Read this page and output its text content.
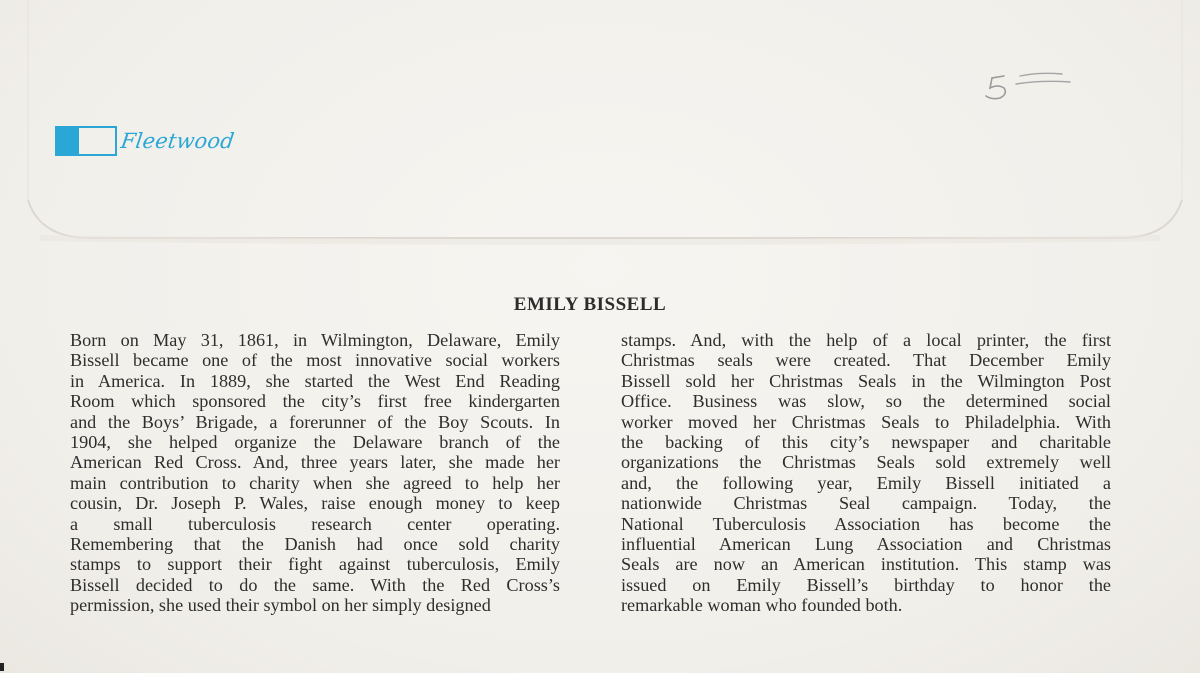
Fleetwood
EMILY BISSELL
Born on May 31, 1861, in Wilmington, Delaware, Emily
Bissell became one of the most innovative social workers
in America. In 1889, she started the West End Reading
Room which sponsored the city’s first free kindergarten
and the Boys’ Brigade, a forerunner of the Boy Scouts. In
1904, she helped organize the Delaware branch of the
American Red Cross. And, three years later, she made her
main contribution to charity when she agreed to help her
cousin, Dr. Joseph P. Wales, raise enough money to keep
a small tuberculosis research center operating.
Remembering that the Danish had once sold charity
stamps to support their fight against tuberculosis, Emily
Bissell decided to do the same. With the Red Cross’s
permission, she used their symbol on her simply designed
stamps. And, with the help of a local printer, the first
Christmas seals were created. That December Emily
Bissell sold her Christmas Seals in the Wilmington Post
Office. Business was slow, so the determined social
worker moved her Christmas Seals to Philadelphia. With
the backing of this city’s newspaper and charitable
organizations the Christmas Seals sold extremely well
and, the following year, Emily Bissell initiated a
nationwide Christmas Seal campaign. Today, the
National Tuberculosis Association has become the
influential American Lung Association and Christmas
Seals are now an American institution. This stamp was
issued on Emily Bissell’s birthday to honor the
remarkable woman who founded both.
